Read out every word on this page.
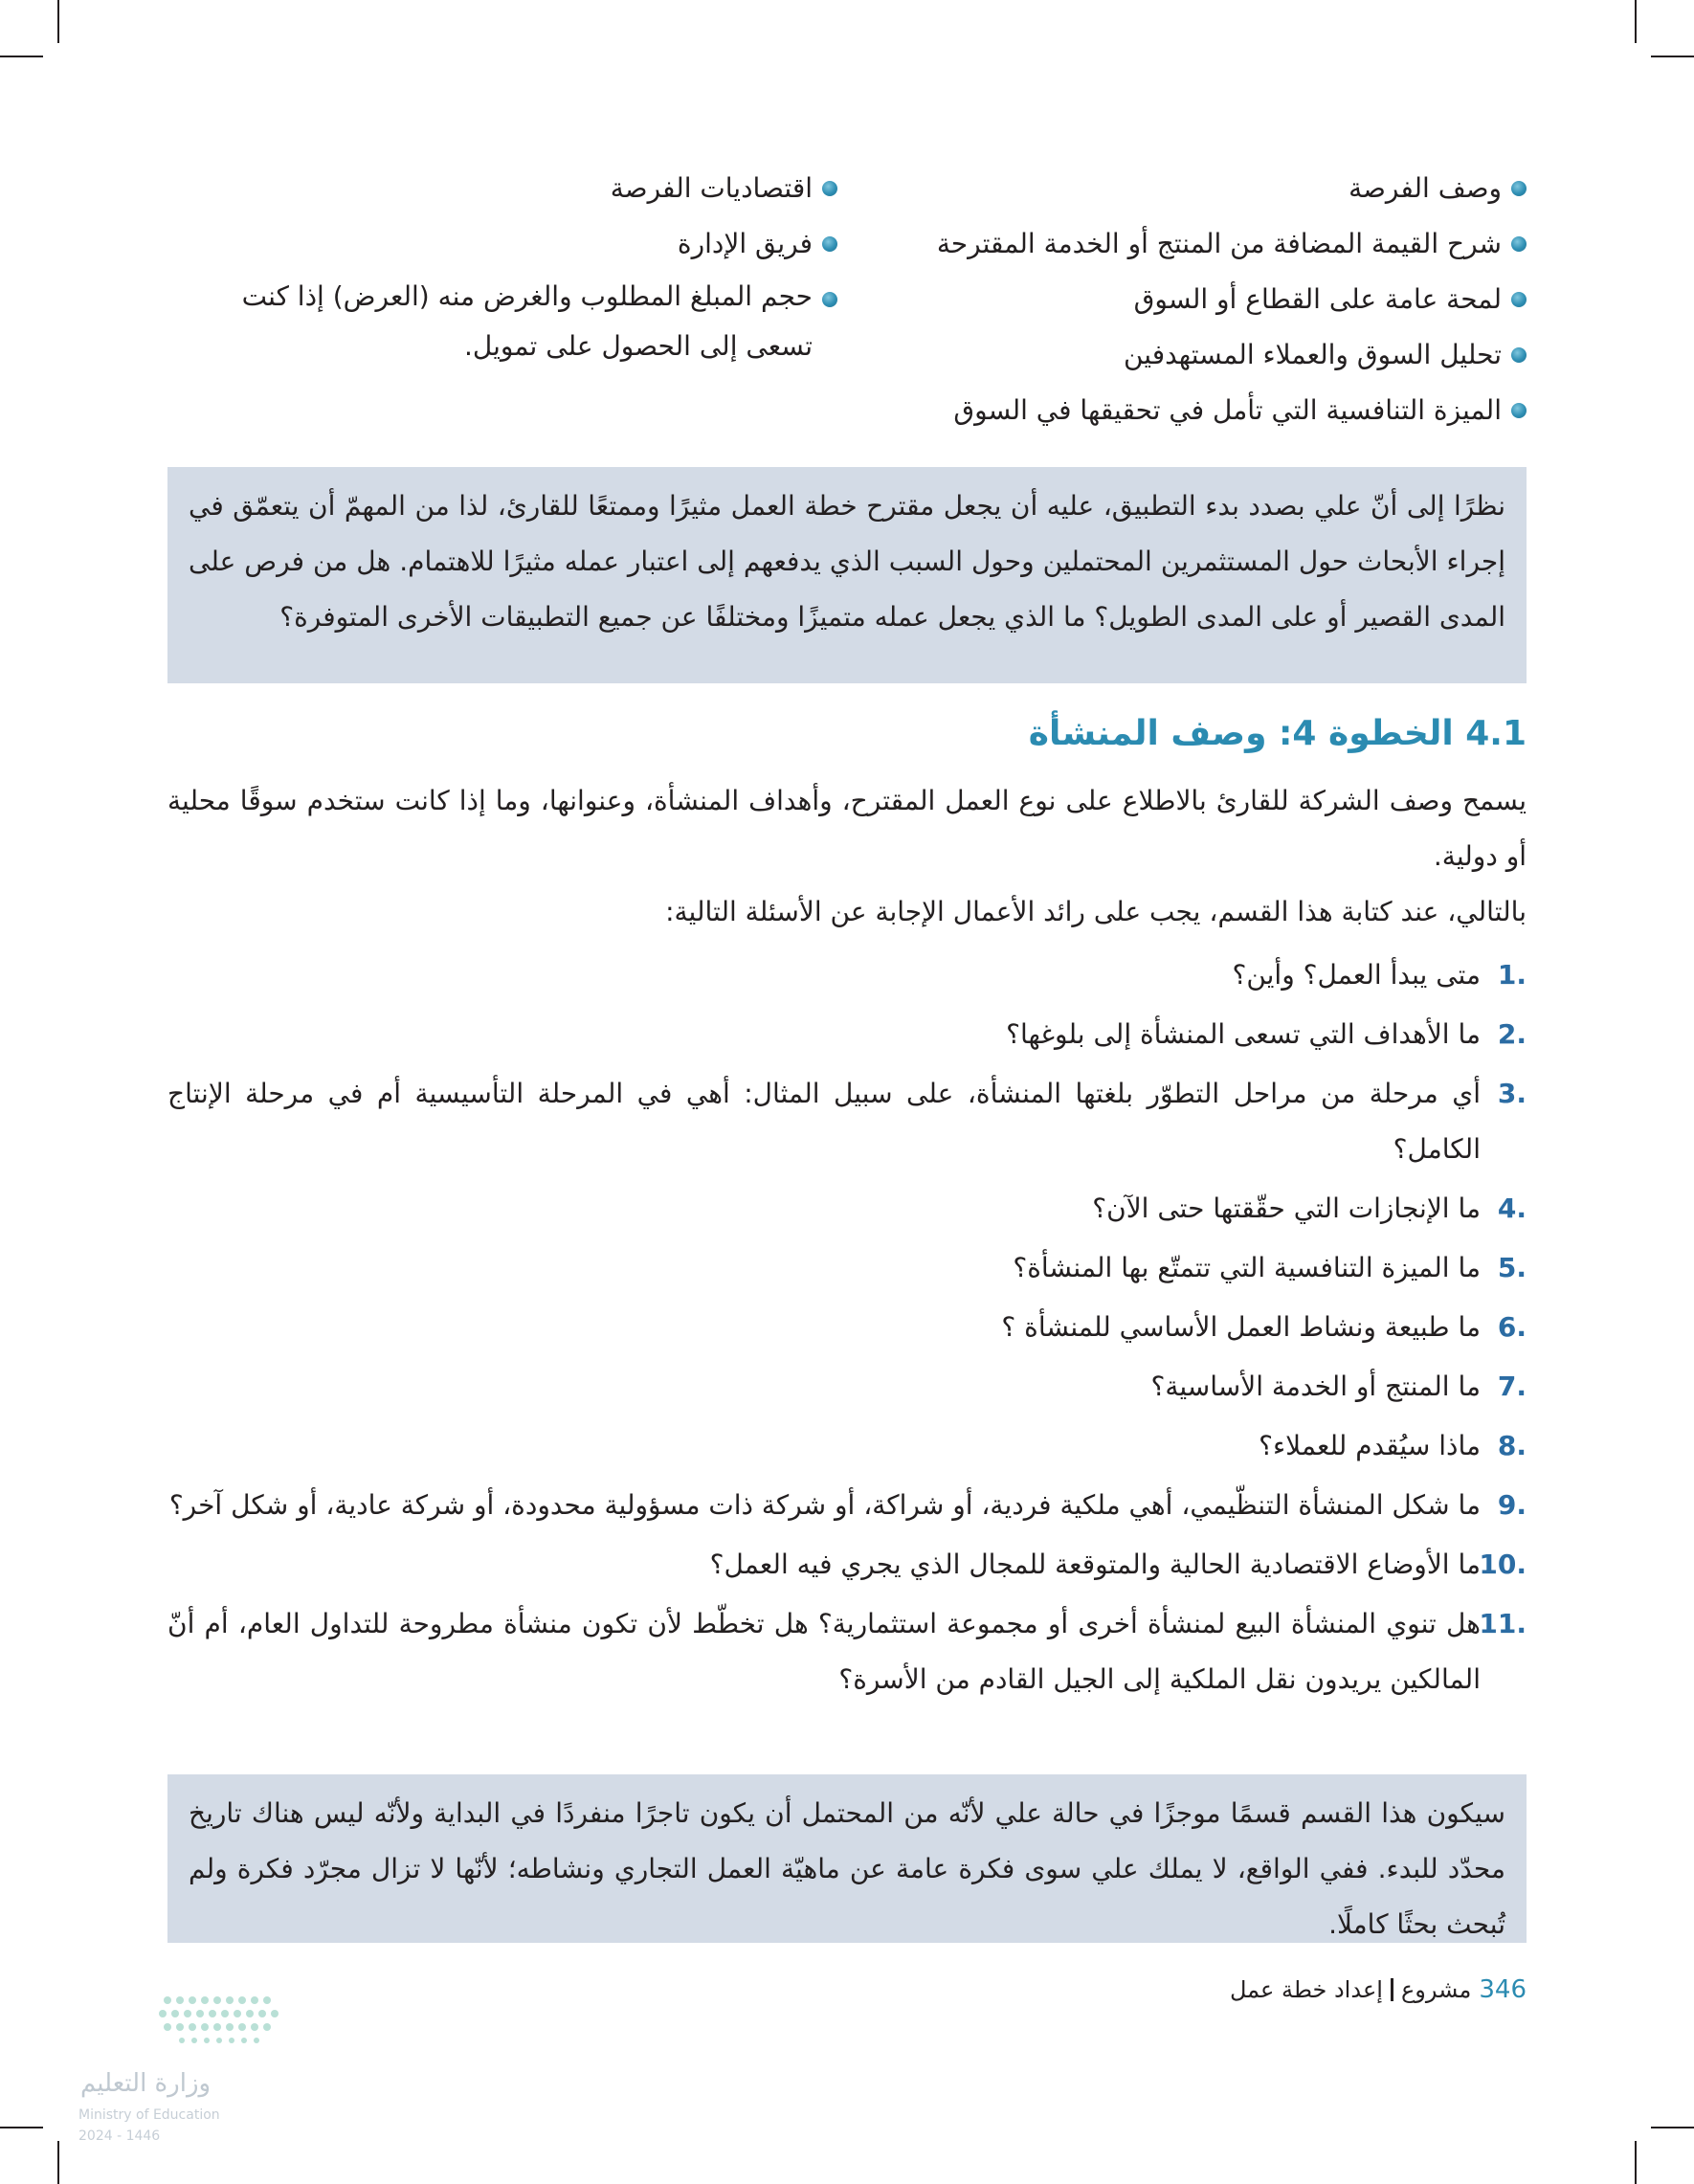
وصف الفرصة
شرح القيمة المضافة من المنتج أو الخدمة المقترحة
لمحة عامة على القطاع أو السوق
تحليل السوق والعملاء المستهدفين
الميزة التنافسية التي تأمل في تحقيقها في السوق
اقتصاديات الفرصة
فريق الإدارة
حجم المبلغ المطلوب والغرض منه (العرض) إذا كنت تسعى إلى الحصول على تمويل.
نظرًا إلى أنّ علي بصدد بدء التطبيق، عليه أن يجعل مقترح خطة العمل مثيرًا وممتعًا للقارئ، لذا من المهمّ أن يتعمّق في إجراء الأبحاث حول المستثمرين المحتملين وحول السبب الذي يدفعهم إلى اعتبار عمله مثيرًا للاهتمام. هل من فرص على المدى القصير أو على المدى الطويل؟ ما الذي يجعل عمله متميزًا ومختلفًا عن جميع التطبيقات الأخرى المتوفرة؟
4.1 الخطوة 4: وصف المنشأة

يسمح وصف الشركة للقارئ بالاطلاع على نوع العمل المقترح، وأهداف المنشأة، وعنوانها، وما إذا كانت ستخدم سوقًا محلية أو دولية.

بالتالي، عند كتابة هذا القسم، يجب على رائد الأعمال الإجابة عن الأسئلة التالية:

1.
متى يبدأ العمل؟ وأين؟
2.
ما الأهداف التي تسعى المنشأة إلى بلوغها؟
3.
أي مرحلة من مراحل التطوّر بلغتها المنشأة، على سبيل المثال: أهي في المرحلة التأسيسية أم في مرحلة الإنتاج الكامل؟
4.
ما الإنجازات التي حقّقتها حتى الآن؟
5.
ما الميزة التنافسية التي تتمتّع بها المنشأة؟
6.
ما طبيعة ونشاط العمل الأساسي للمنشأة ؟
7.
ما المنتج أو الخدمة الأساسية؟
8.
ماذا سيُقدم للعملاء؟
9.
ما شكل المنشأة التنظّيمي، أهي ملكية فردية، أو شراكة، أو شركة ذات مسؤولية محدودة، أو شركة عادية، أو شكل آخر؟
10.
ما الأوضاع الاقتصادية الحالية والمتوقعة للمجال الذي يجري فيه العمل؟
11.
هل تنوي المنشأة البيع لمنشأة أخرى أو مجموعة استثمارية؟ هل تخطّط لأن تكون منشأة مطروحة للتداول العام، أم أنّ المالكين يريدون نقل الملكية إلى الجيل القادم من الأسرة؟
سيكون هذا القسم قسمًا موجزًا في حالة علي لأنّه من المحتمل أن يكون تاجرًا منفردًا في البداية ولأنّه ليس هناك تاريخ محدّد للبدء. ففي الواقع، لا يملك علي سوى فكرة عامة عن ماهيّة العمل التجاري ونشاطه؛ لأنّها لا تزال مجرّد فكرة ولم تُبحث بحثًا كاملًا.
346
مشروع
إعداد خطة عمل
وزارة التعليم
Ministry of Education
2024 - 1446
